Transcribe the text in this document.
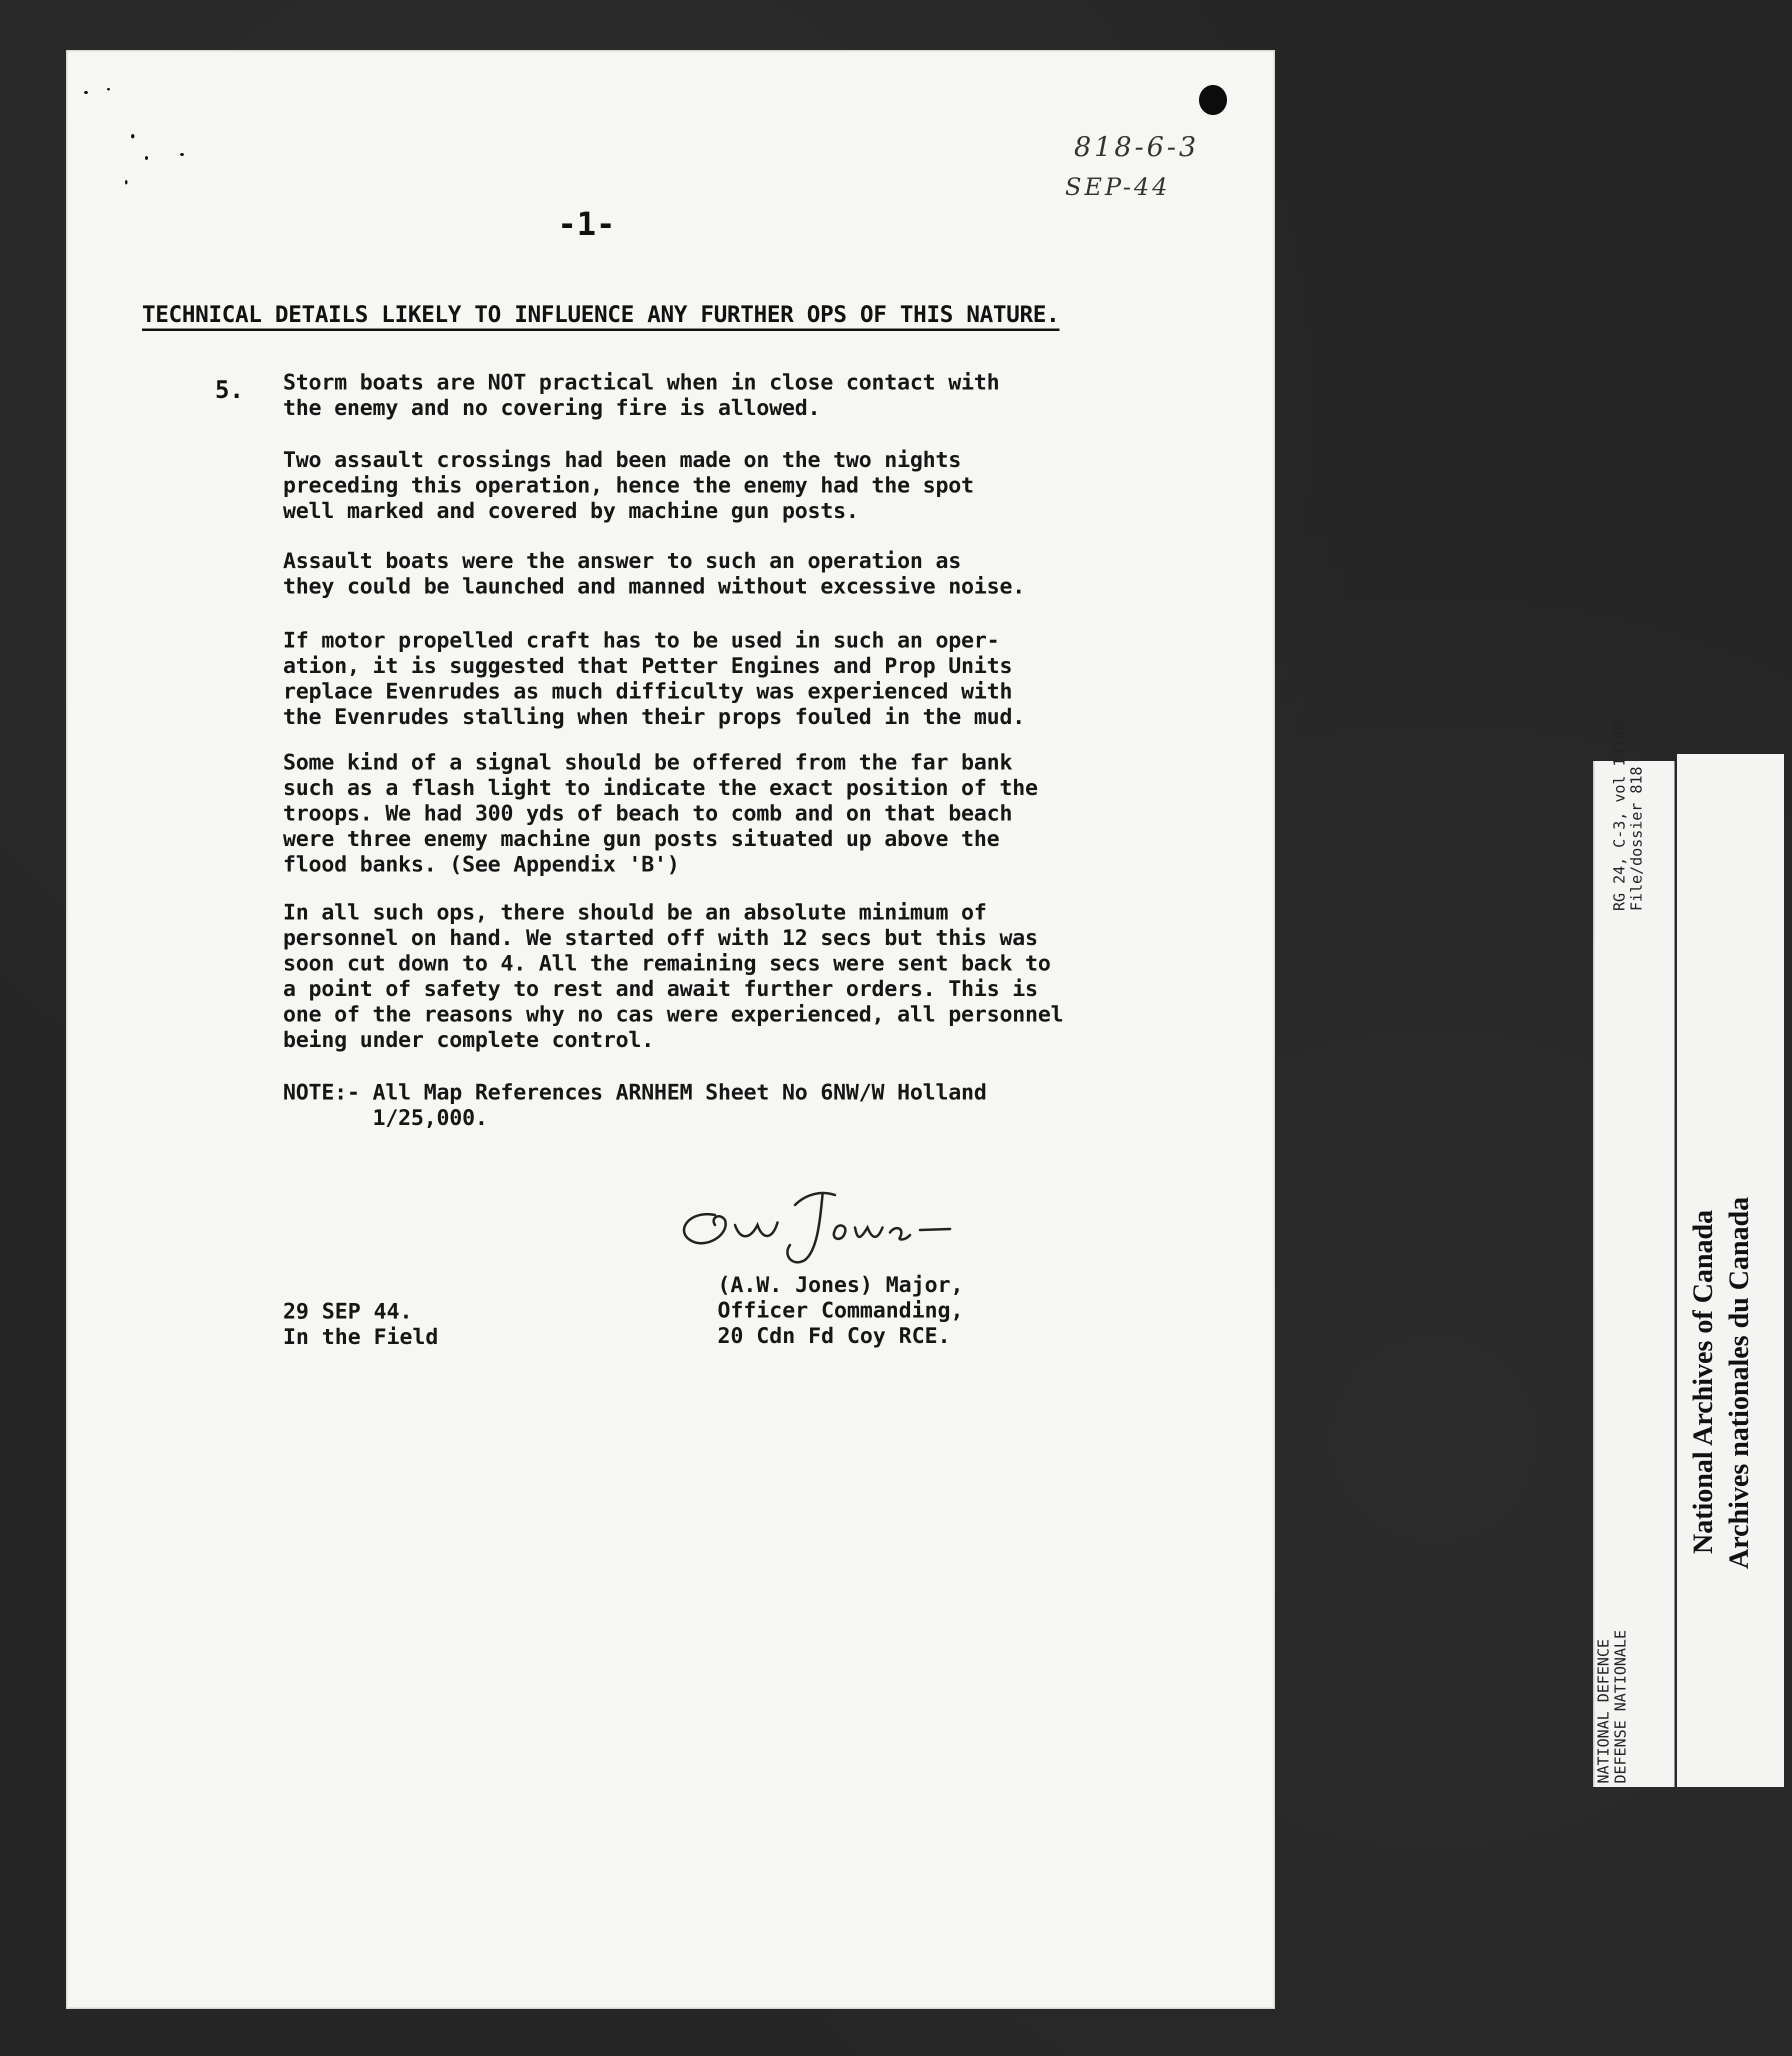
818-6-3
SEP-44
-1-
TECHNICAL DETAILS LIKELY TO INFLUENCE ANY FURTHER OPS OF THIS NATURE.
5. Storm boats are NOT practical when in close contact with
the enemy and no covering fire is allowed.
Two assault crossings had been made on the two nights
preceding this operation, hence the enemy had the spot
well marked and covered by machine gun posts.
Assault boats were the answer to such an operation as
they could be launched and manned without excessive noise.
If motor propelled craft has to be used in such an oper-
ation, it is suggested that Petter Engines and Prop Units
replace Evenrudes as much difficulty was experienced with
the Evenrudes stalling when their props fouled in the mud.
Some kind of a signal should be offered from the far bank
such as a flash light to indicate the exact position of the
troops. We had 300 yds of beach to comb and on that beach
were three enemy machine gun posts situated up above the
flood banks. (See Appendix 'B')
In all such ops, there should be an absolute minimum of
personnel on hand. We started off with 12 secs but this was
soon cut down to 4. All the remaining secs were sent back to
a point of safety to rest and await further orders. This is
one of the reasons why no cas were experienced, all personnel
being under complete control.
NOTE:- All Map References ARNHEM Sheet No 6NW/W Holland
1/25,000.
29 SEP 44.
In the Field
(A.W. Jones) Major,
Officer Commanding,
20 Cdn Fd Coy RCE.
NATIONAL DEFENCE
DEFENSE NATIONALE
RG 24, C-3, vol 14748
File/dossier 818
National Archives of Canada Archives nationales du Canada
